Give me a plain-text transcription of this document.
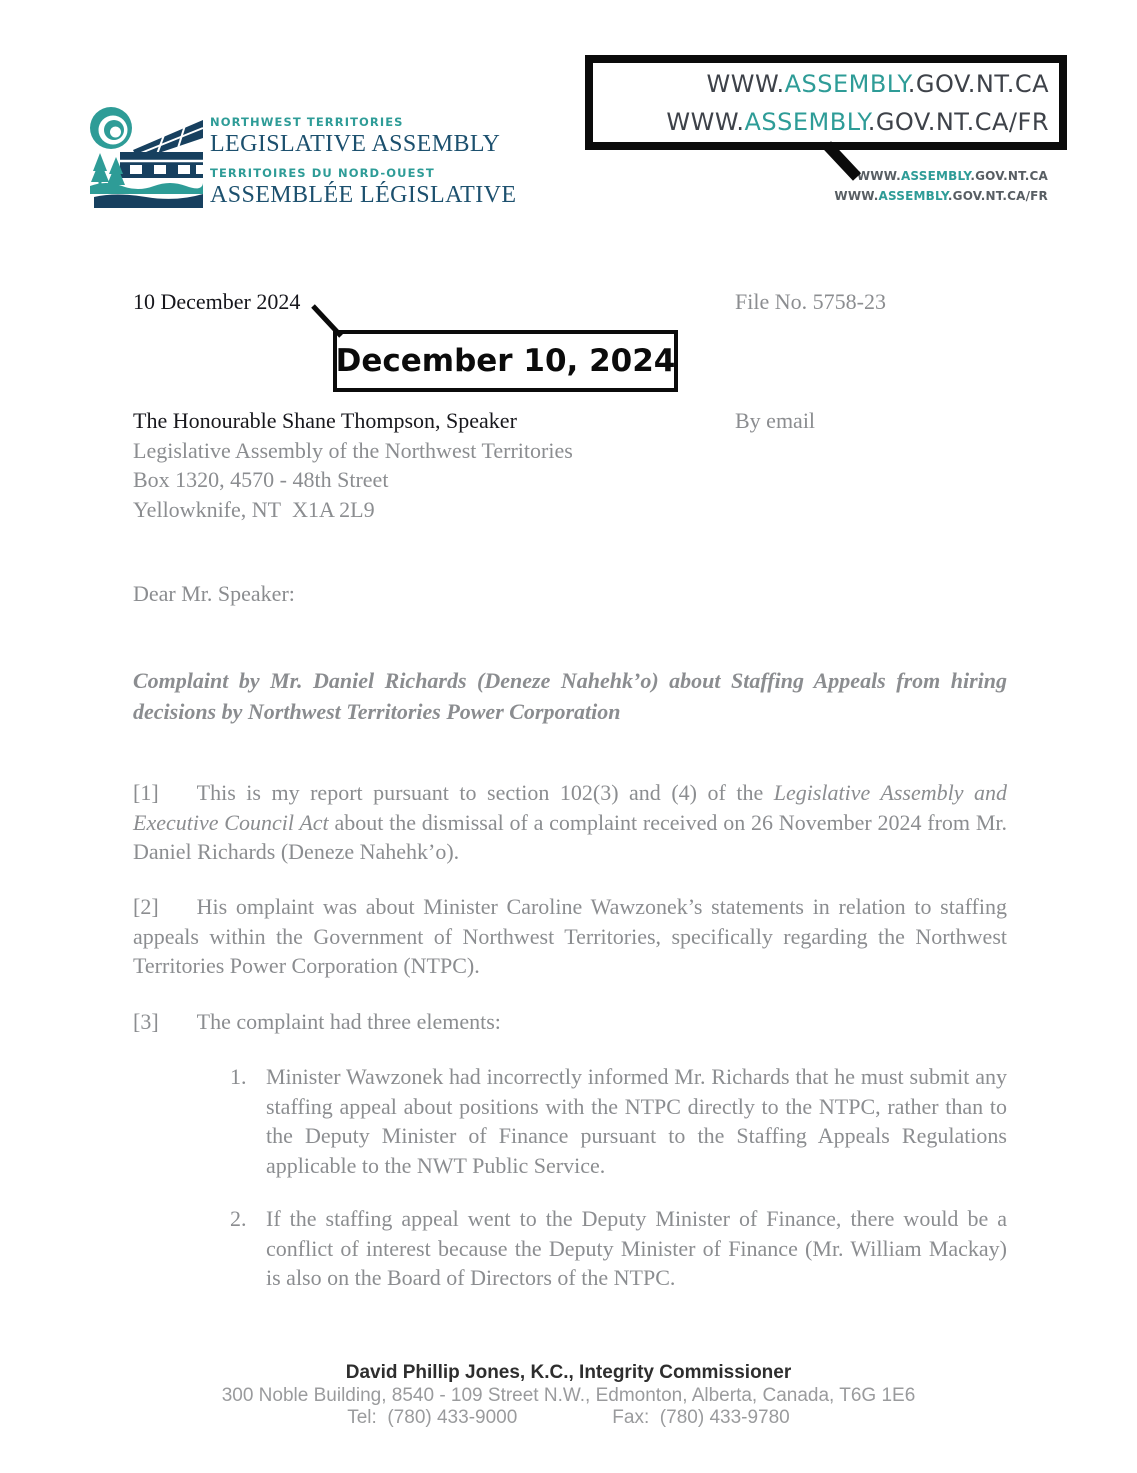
NORTHWEST TERRITORIES
LEGISLATIVE ASSEMBLY
TERRITOIRES DU NORD-OUEST
ASSEMBLÉE LÉGISLATIVE
WWW.ASSEMBLY.GOV.NT.CA
WWW.ASSEMBLY.GOV.NT.CA/FR
WWW.ASSEMBLY.GOV.NT.CA
WWW.ASSEMBLY.GOV.NT.CA/FR
10 December 2024	File No. 5758-23
December 10, 2024
The Honourable Shane Thompson, Speaker
Legislative Assembly of the Northwest Territories
Box 1320, 4570 - 48th Street
Yellowknife, NT  X1A 2L9
By email
Dear Mr. Speaker:
Complaint by Mr. Daniel Richards (Deneze Nahehk’o) about Staffing Appeals from hiring decisions by Northwest Territories Power Corporation
[1] This is my report pursuant to section 102(3) and (4) of the Legislative Assembly and Executive Council Act about the dismissal of a complaint received on 26 November 2024 from Mr. Daniel Richards (Deneze Nahehk’o).
[2] His omplaint was about Minister Caroline Wawzonek’s statements in relation to staffing appeals within the Government of Northwest Territories, specifically regarding the Northwest Territories Power Corporation (NTPC).
[3] The complaint had three elements:
1. Minister Wawzonek had incorrectly informed Mr. Richards that he must submit any staffing appeal about positions with the NTPC directly to the NTPC, rather than to the Deputy Minister of Finance pursuant to the Staffing Appeals Regulations applicable to the NWT Public Service.
2. If the staffing appeal went to the Deputy Minister of Finance, there would be a conflict of interest because the Deputy Minister of Finance (Mr. William Mackay) is also on the Board of Directors of the NTPC.
David Phillip Jones, K.C., Integrity Commissioner
300 Noble Building, 8540 - 109 Street N.W., Edmonton, Alberta, Canada, T6G 1E6
Tel:  (780) 433-9000	Fax:  (780) 433-9780
